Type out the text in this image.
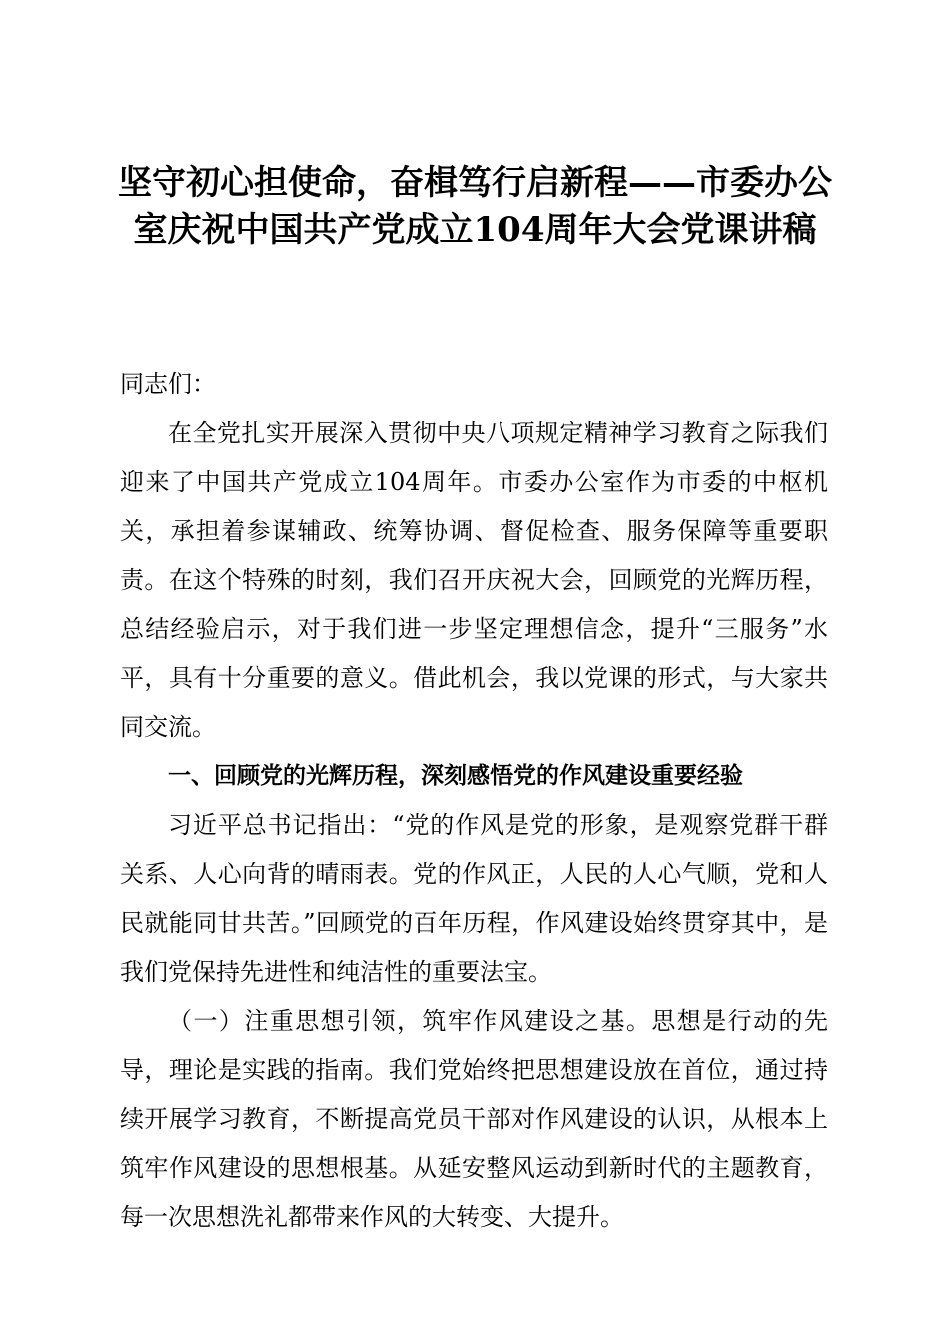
坚守初心担使命，奋楫笃行启新程——市委办公室庆祝中国共产党成立104周年大会党课讲稿

同志们：

在全党扎实开展深入贯彻中央八项规定精神学习教育之际我们迎来了中国共产党成立104周年。市委办公室作为市委的中枢机关，承担着参谋辅政、统筹协调、督促检查、服务保障等重要职责。在这个特殊的时刻，我们召开庆祝大会，回顾党的光辉历程，总结经验启示，对于我们进一步坚定理想信念，提升“三服务”水平，具有十分重要的意义。借此机会，我以党课的形式，与大家共同交流。

一、回顾党的光辉历程，深刻感悟党的作风建设重要经验

习近平总书记指出：“党的作风是党的形象，是观察党群干群关系、人心向背的晴雨表。党的作风正，人民的人心气顺，党和人民就能同甘共苦。”回顾党的百年历程，作风建设始终贯穿其中，是我们党保持先进性和纯洁性的重要法宝。

（一）注重思想引领，筑牢作风建设之基。思想是行动的先导，理论是实践的指南。我们党始终把思想建设放在首位，通过持续开展学习教育，不断提高党员干部对作风建设的认识，从根本上筑牢作风建设的思想根基。从延安整风运动到新时代的主题教育，每一次思想洗礼都带来作风的大转变、大提升。
